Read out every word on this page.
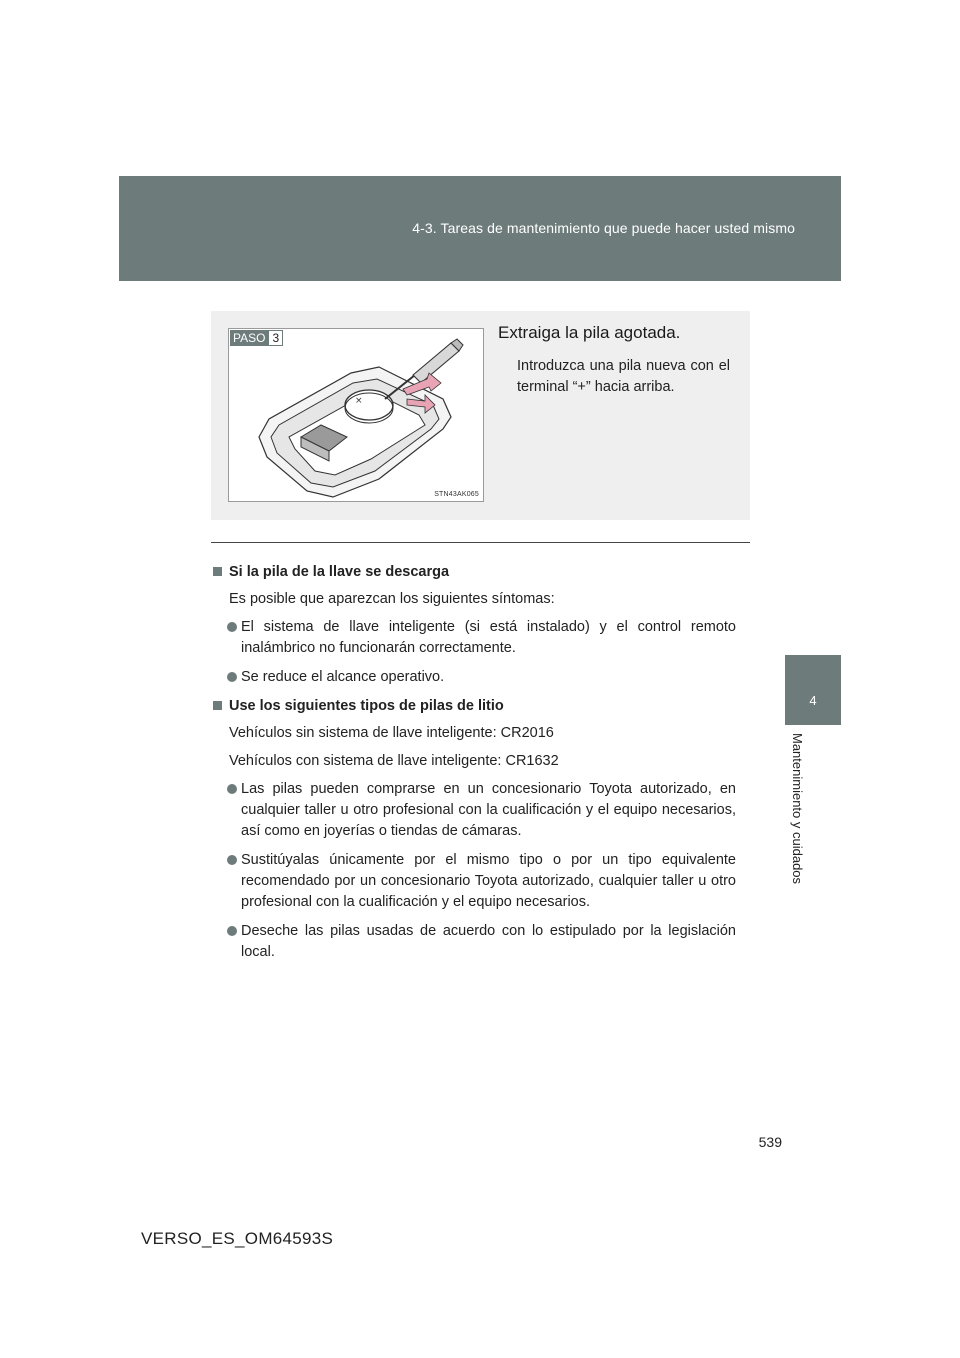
4-3. Tareas de mantenimiento que puede hacer usted mismo
4
Mantenimiento y cuidados
×
PASO 3
STN43AK065
Extraiga la pila agotada.
Introduzca una pila nueva con el terminal “+” hacia arriba.
Si la pila de la llave se descarga
Es posible que aparezcan los siguientes síntomas:
El sistema de llave inteligente (si está instalado) y el control remoto inalámbrico no funcionarán correctamente.
Se reduce el alcance operativo.
Use los siguientes tipos de pilas de litio
Vehículos sin sistema de llave inteligente: CR2016
Vehículos con sistema de llave inteligente: CR1632
Las pilas pueden comprarse en un concesionario Toyota autorizado, en cualquier taller u otro profesional con la cualificación y el equipo necesarios, así como en joyerías o tiendas de cámaras.
Sustitúyalas únicamente por el mismo tipo o por un tipo equivalente recomendado por un concesionario Toyota autorizado, cualquier taller u otro profesional con la cualificación y el equipo necesarios.
Deseche las pilas usadas de acuerdo con lo estipulado por la legislación local.
539
VERSO_ES_OM64593S
